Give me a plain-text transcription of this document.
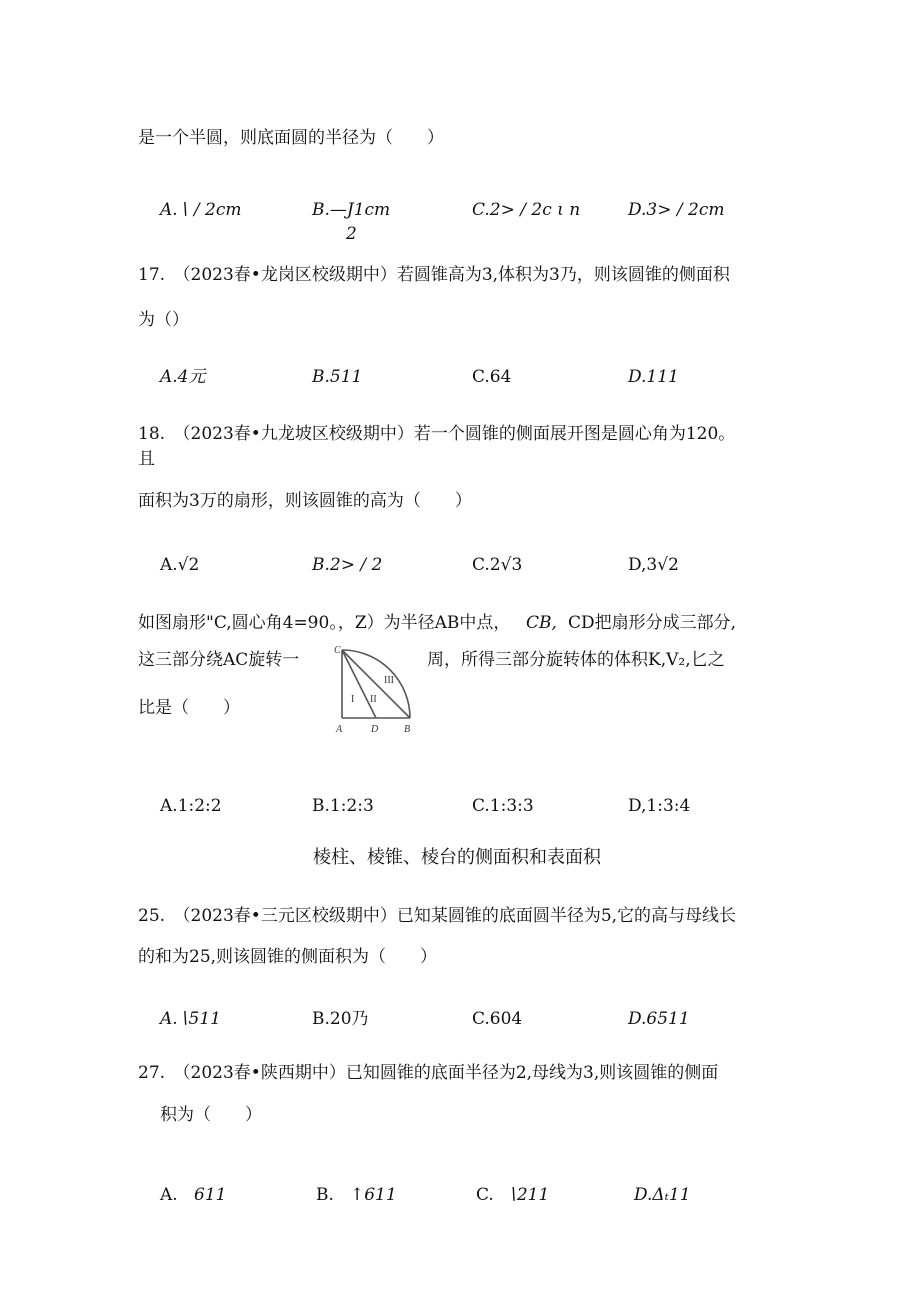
是一个半圆，则底面圆的半径为（　　）
A.∖ / 2cm	B.—J1cm
2
C.2> / 2c ι n	D.3> / 2cm
17.　（2023春•龙岗区校级期中）若圆锥高为3,体积为3乃，则该圆锥的侧面积
为（）
A.4元	B.511	C.64	D.111
18.　（2023春•九龙坡区校级期中）若一个圆锥的侧面展开图是圆心角为120。
且
面积为3万的扇形，则该圆锥的高为（　　）
A.√2	B.2> / 2	C.2√3	D,3√2
如图扇形"C,圆心角4=90。，Z）为半径AB中点， CB, CD把扇形分成三部分,
这三部分绕AC旋转一	周，所得三部分旋转体的体积K,V₂,匕之
比是（　　）
C
A	D	B
I II
III
A.1:2:2	B.1:2:3	C.1:3:3	D,1:3:4
棱柱、棱锥、棱台的侧面积和表面积
25.　（2023春•三元区校级期中）已知某圆锥的底面圆半径为5,它的高与母线长
的和为25,则该圆锥的侧面积为（　　）
A.∖511	B.20乃	C.604	D.6511
27.　（2023春•陕西期中）已知圆锥的底面半径为2,母线为3,则该圆锥的侧面
积为（　　）
A. 611	B. ↑611	C. ∖211	D.Δₜ11
